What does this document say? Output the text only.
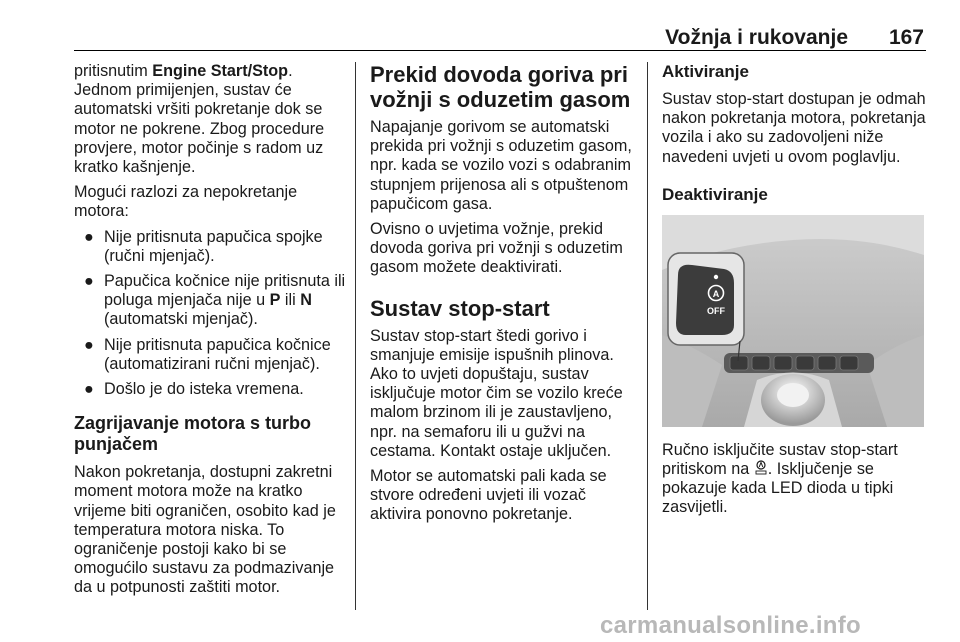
Vožnja i rukovanje 167

pritisnutim Engine Start/Stop. Jednom primijenjen, sustav će automatski vršiti pokretanje dok se motor ne pokrene. Zbog procedure provjere, motor počinje s radom uz kratko kašnjenje.

Mogući razlozi za nepokretanje motora:

● Nije pritisnuta papučica spojke (ručni mjenjač).
● Papučica kočnice nije pritisnuta ili poluga mjenjača nije u P ili N (automatski mjenjač).
● Nije pritisnuta papučica kočnice (automatizirani ručni mjenjač).
● Došlo je do isteka vremena.
Zagrijavanje motora s turbo punjačem

Nakon pokretanja, dostupni zakretni moment motora može na kratko vrijeme biti ograničen, osobito kad je temperatura motora niska. To ograničenje postoji kako bi se omogućilo sustavu za podmazivanje da u potpunosti zaštiti motor.

Prekid dovoda goriva pri vožnji s oduzetim gasom

Napajanje gorivom se automatski prekida pri vožnji s oduzetim gasom, npr. kada se vozilo vozi s odabranim stupnjem prijenosa ali s otpuštenom papučicom gasa.

Ovisno o uvjetima vožnje, prekid dovoda goriva pri vožnji s oduzetim gasom možete deaktivirati.

Sustav stop-start

Sustav stop-start štedi gorivo i smanjuje emisije ispušnih plinova. Ako to uvjeti dopuštaju, sustav isključuje motor čim se vozilo kreće malom brzinom ili je zaustavljeno, npr. na semaforu ili u gužvi na cestama. Kontakt ostaje uključen.

Motor se automatski pali kada se stvore određeni uvjeti ili vozač aktivira ponovno pokretanje.

Aktiviranje

Sustav stop-start dostupan je odmah nakon pokretanja motora, pokretanja vozila i ako su zadovoljeni niže navedeni uvjeti u ovom poglavlju.

Deaktiviranje
A
OFF

Ručno isključite sustav stop-start pritiskom na . Isključenje se pokazuje kada LED dioda u tipki zasvijetli.

carmanualsonline.info
